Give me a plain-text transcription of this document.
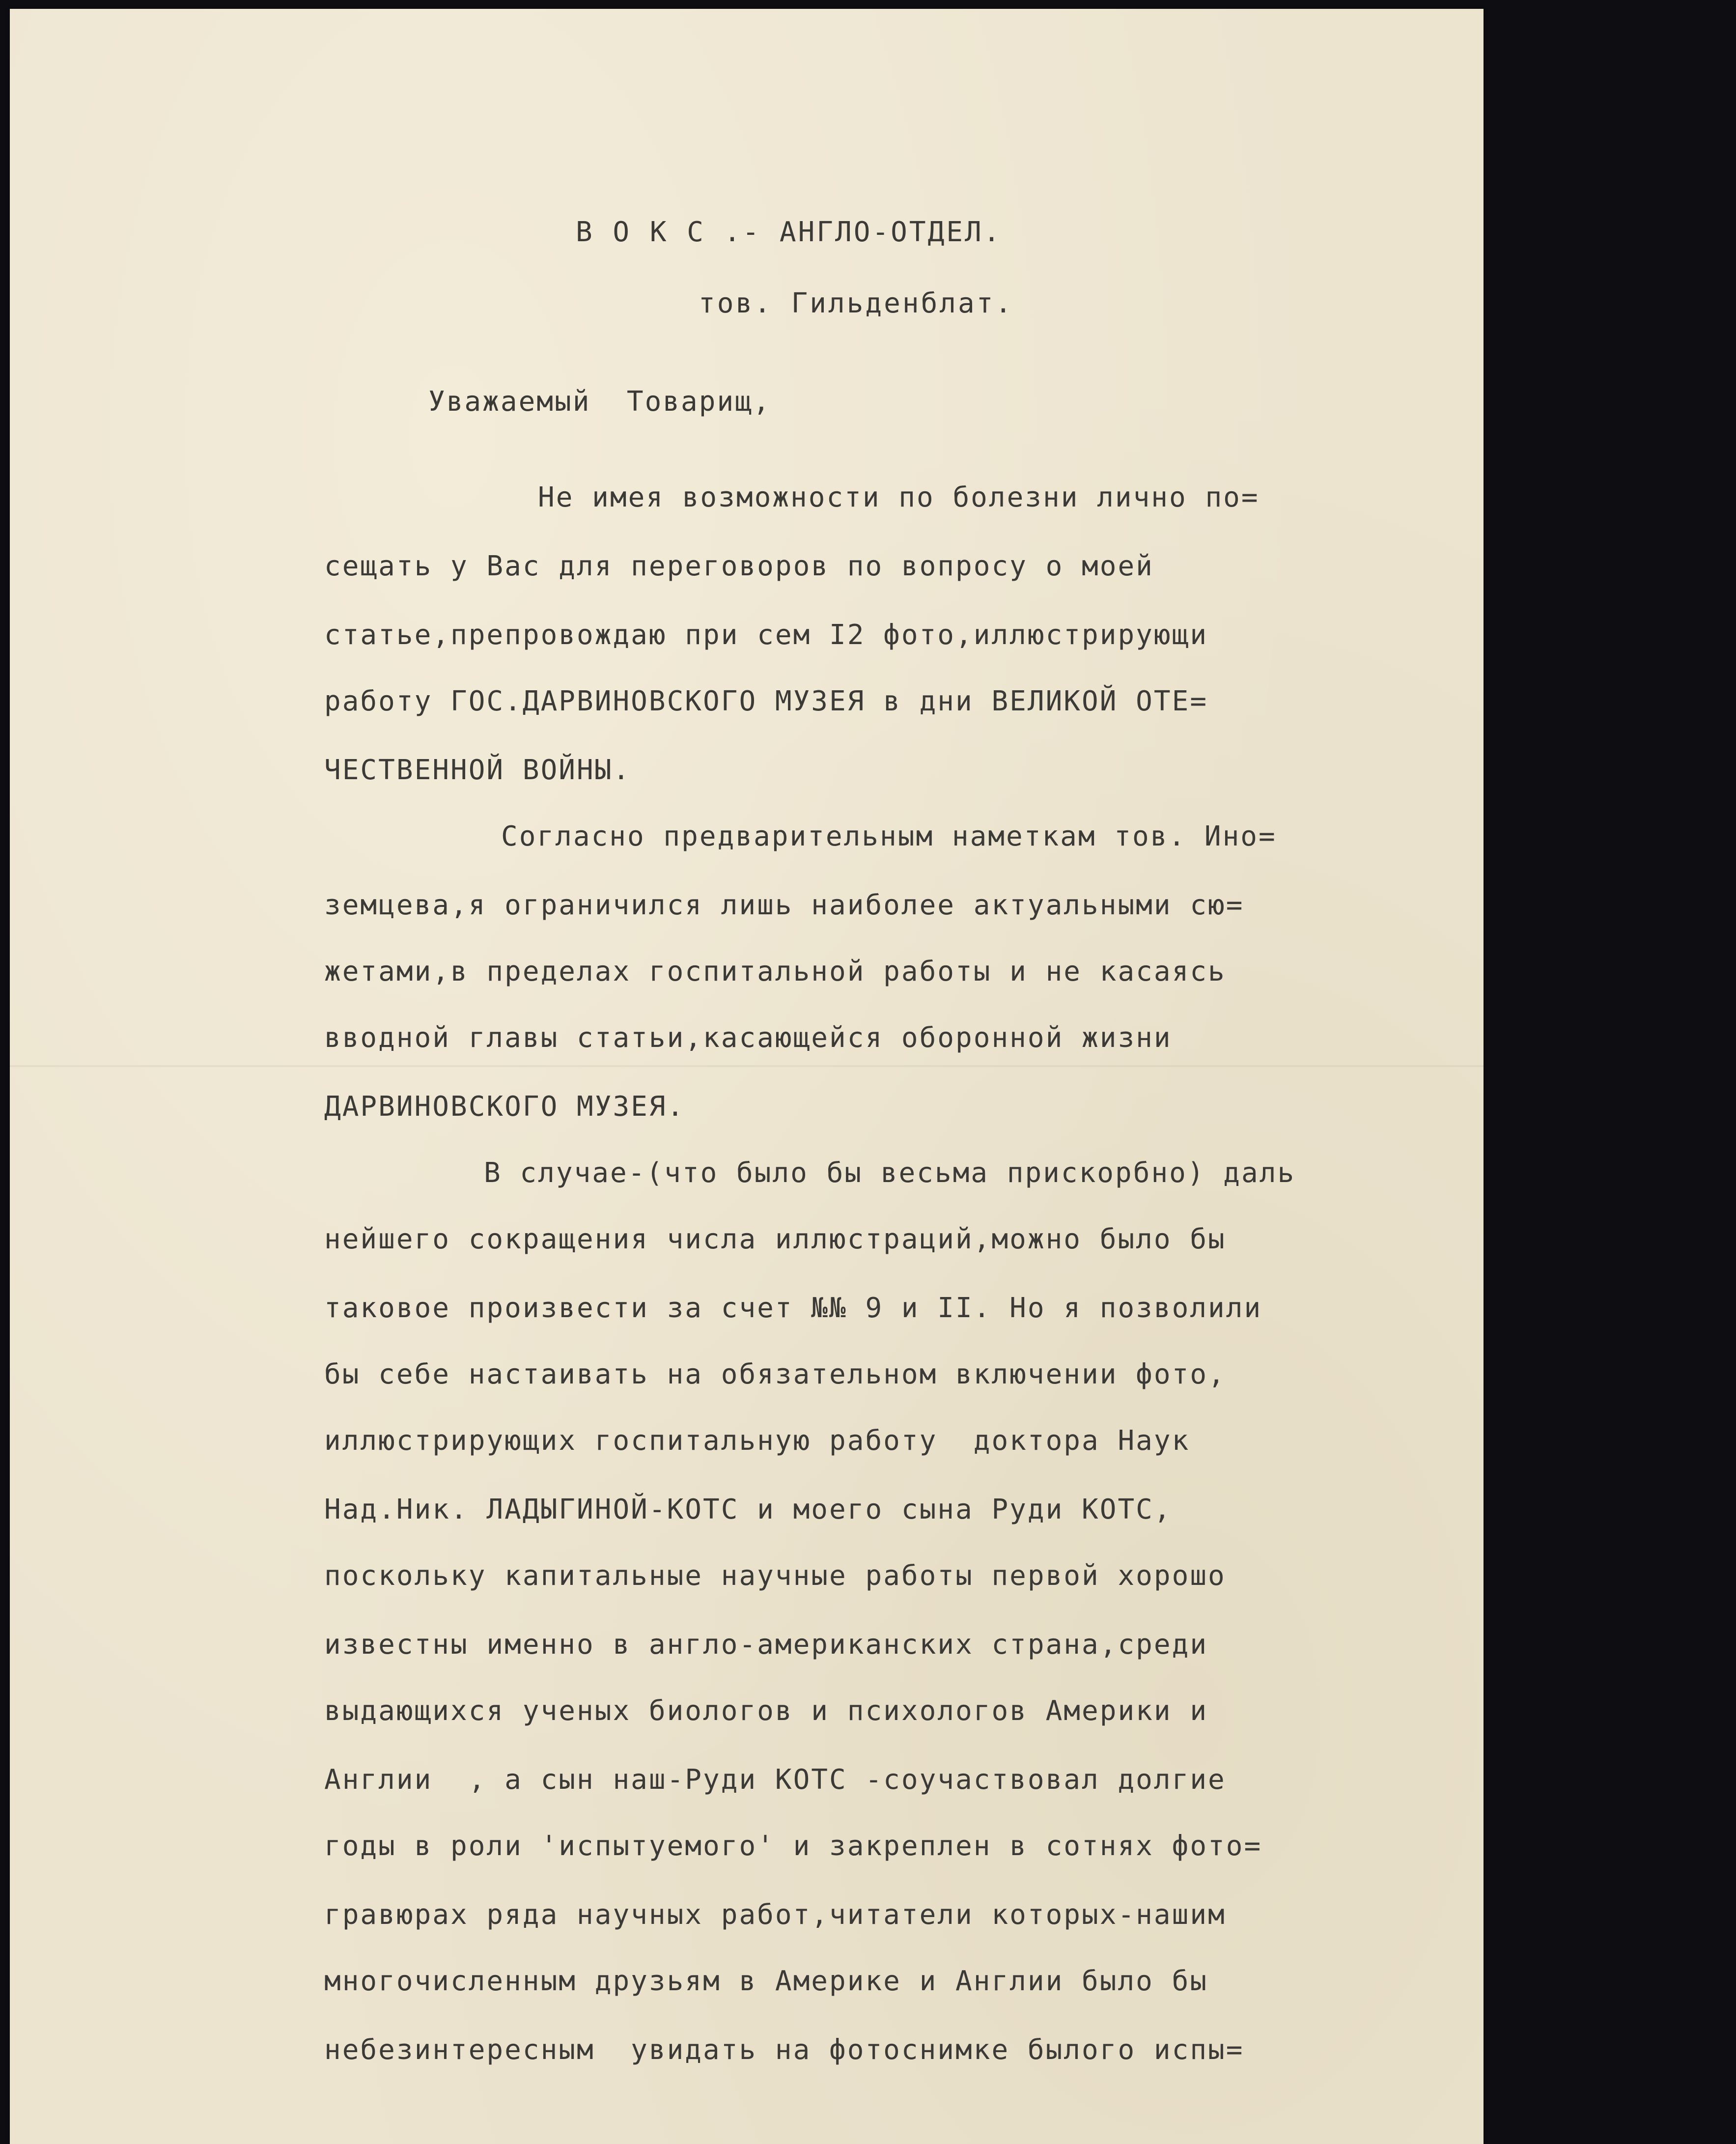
В О К С .- АНГЛО-ОТДЕЛ.
тов. Гильденблат.
Уважаемый  Товарищ,
Не имея возможности по болезни лично по=
сещать у Вас для переговоров по вопросу о моей
статье,препровождаю при сем I2 фото,иллюстрирующи
работу ГОС.ДАРВИНОВСКОГО МУЗЕЯ в дни ВЕЛИКОЙ ОТЕ=
ЧЕСТВЕННОЙ ВОЙНЫ.
Согласно предварительным наметкам тов. Ино=
земцева,я ограничился лишь наиболее актуальными сю=
жетами,в пределах госпитальной работы и не касаясь
вводной главы статьи,касающейся оборонной жизни
ДАРВИНОВСКОГО МУЗЕЯ.
В случае-(что было бы весьма прискорбно) даль
нейшего сокращения числа иллюстраций,можно было бы
таковое произвести за счет №№ 9 и II. Но я позволили
бы себе настаивать на обязательном включении фото,
иллюстрирующих госпитальную работу  доктора Наук
Над.Ник. ЛАДЫГИНОЙ-КОТС и моего сына Руди КОТС,
поскольку капитальные научные работы первой хорошо
известны именно в англо-американских страна,среди
выдающихся ученых биологов и психологов Америки и
Англии  , а сын наш-Руди КОТС -соучаствовал долгие
годы в роли 'испытуемого' и закреплен в сотнях фото=
гравюрах ряда научных работ,читатели которых-нашим
многочисленным друзьям в Америке и Англии было бы
небезинтересным  увидать на фотоснимке былого испы=
